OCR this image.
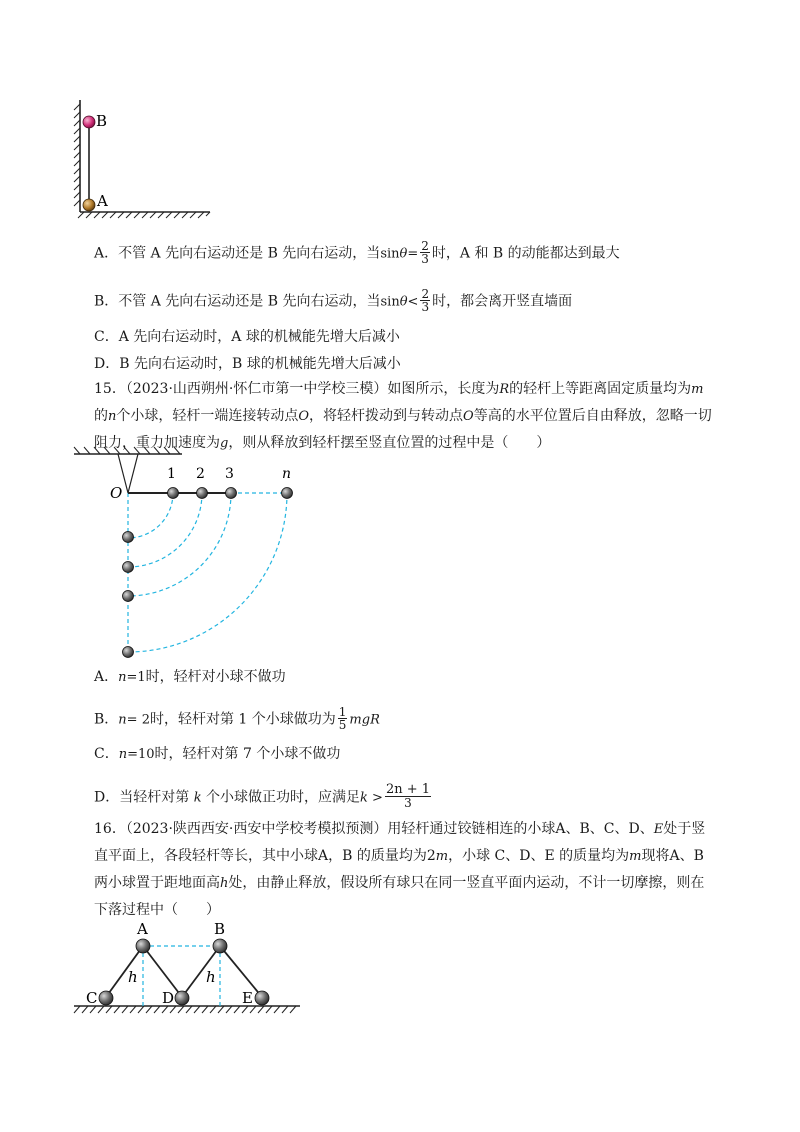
B
A
A．不管 A 先向右运动还是 B 先向右运动，当$\sin\theta= \frac{2}{3}$ 时，A 和 B 的动能都达到最大
B．不管 A 先向右运动还是 B 先向右运动，当$\sin\theta< \frac{2}{3}$ 时，都会离开竖直墙面
C．A 先向右运动时，A 球的机械能先增大后减小
D．B 先向右运动时，B 球的机械能先增大后减小
15．（2023·山西朔州·怀仁市第一中学校三模）如图所示，长度为R的轻杆上等距离固定质量均为m的n个小球，轻杆一端连接转动点O，将轻杆拨动到与转动点O等高的水平位置后自由释放，忽略一切阻力，重力加速度为g，则从释放到轻杆摆至竖直位置的过程中是（　　）
O
1 2 3	n
A．n=1时，轻杆对小球不做功
B．n= 2时，轻杆对第 1 个小球做功为 $\frac{1}{5}$ mgR
C．n=10时，轻杆对第 7 个小球不做功
D．当轻杆对第 k 个小球做正功时，应满足$k > \frac{2n + 1}{3}$
16．（2023·陕西西安·西安中学校考模拟预测）用轻杆通过铰链相连的小球A、B、C、D、E处于竖直平面上，各段轻杆等长，其中小球A，B 的质量均为2m，小球 C、D、E 的质量均为m现将A、B 两小球置于距地面高h处，由静止释放，假设所有球只在同一竖直平面内运动，不计一切摩擦，则在下落过程中（　　）
A	B
C	D	E
h	h
